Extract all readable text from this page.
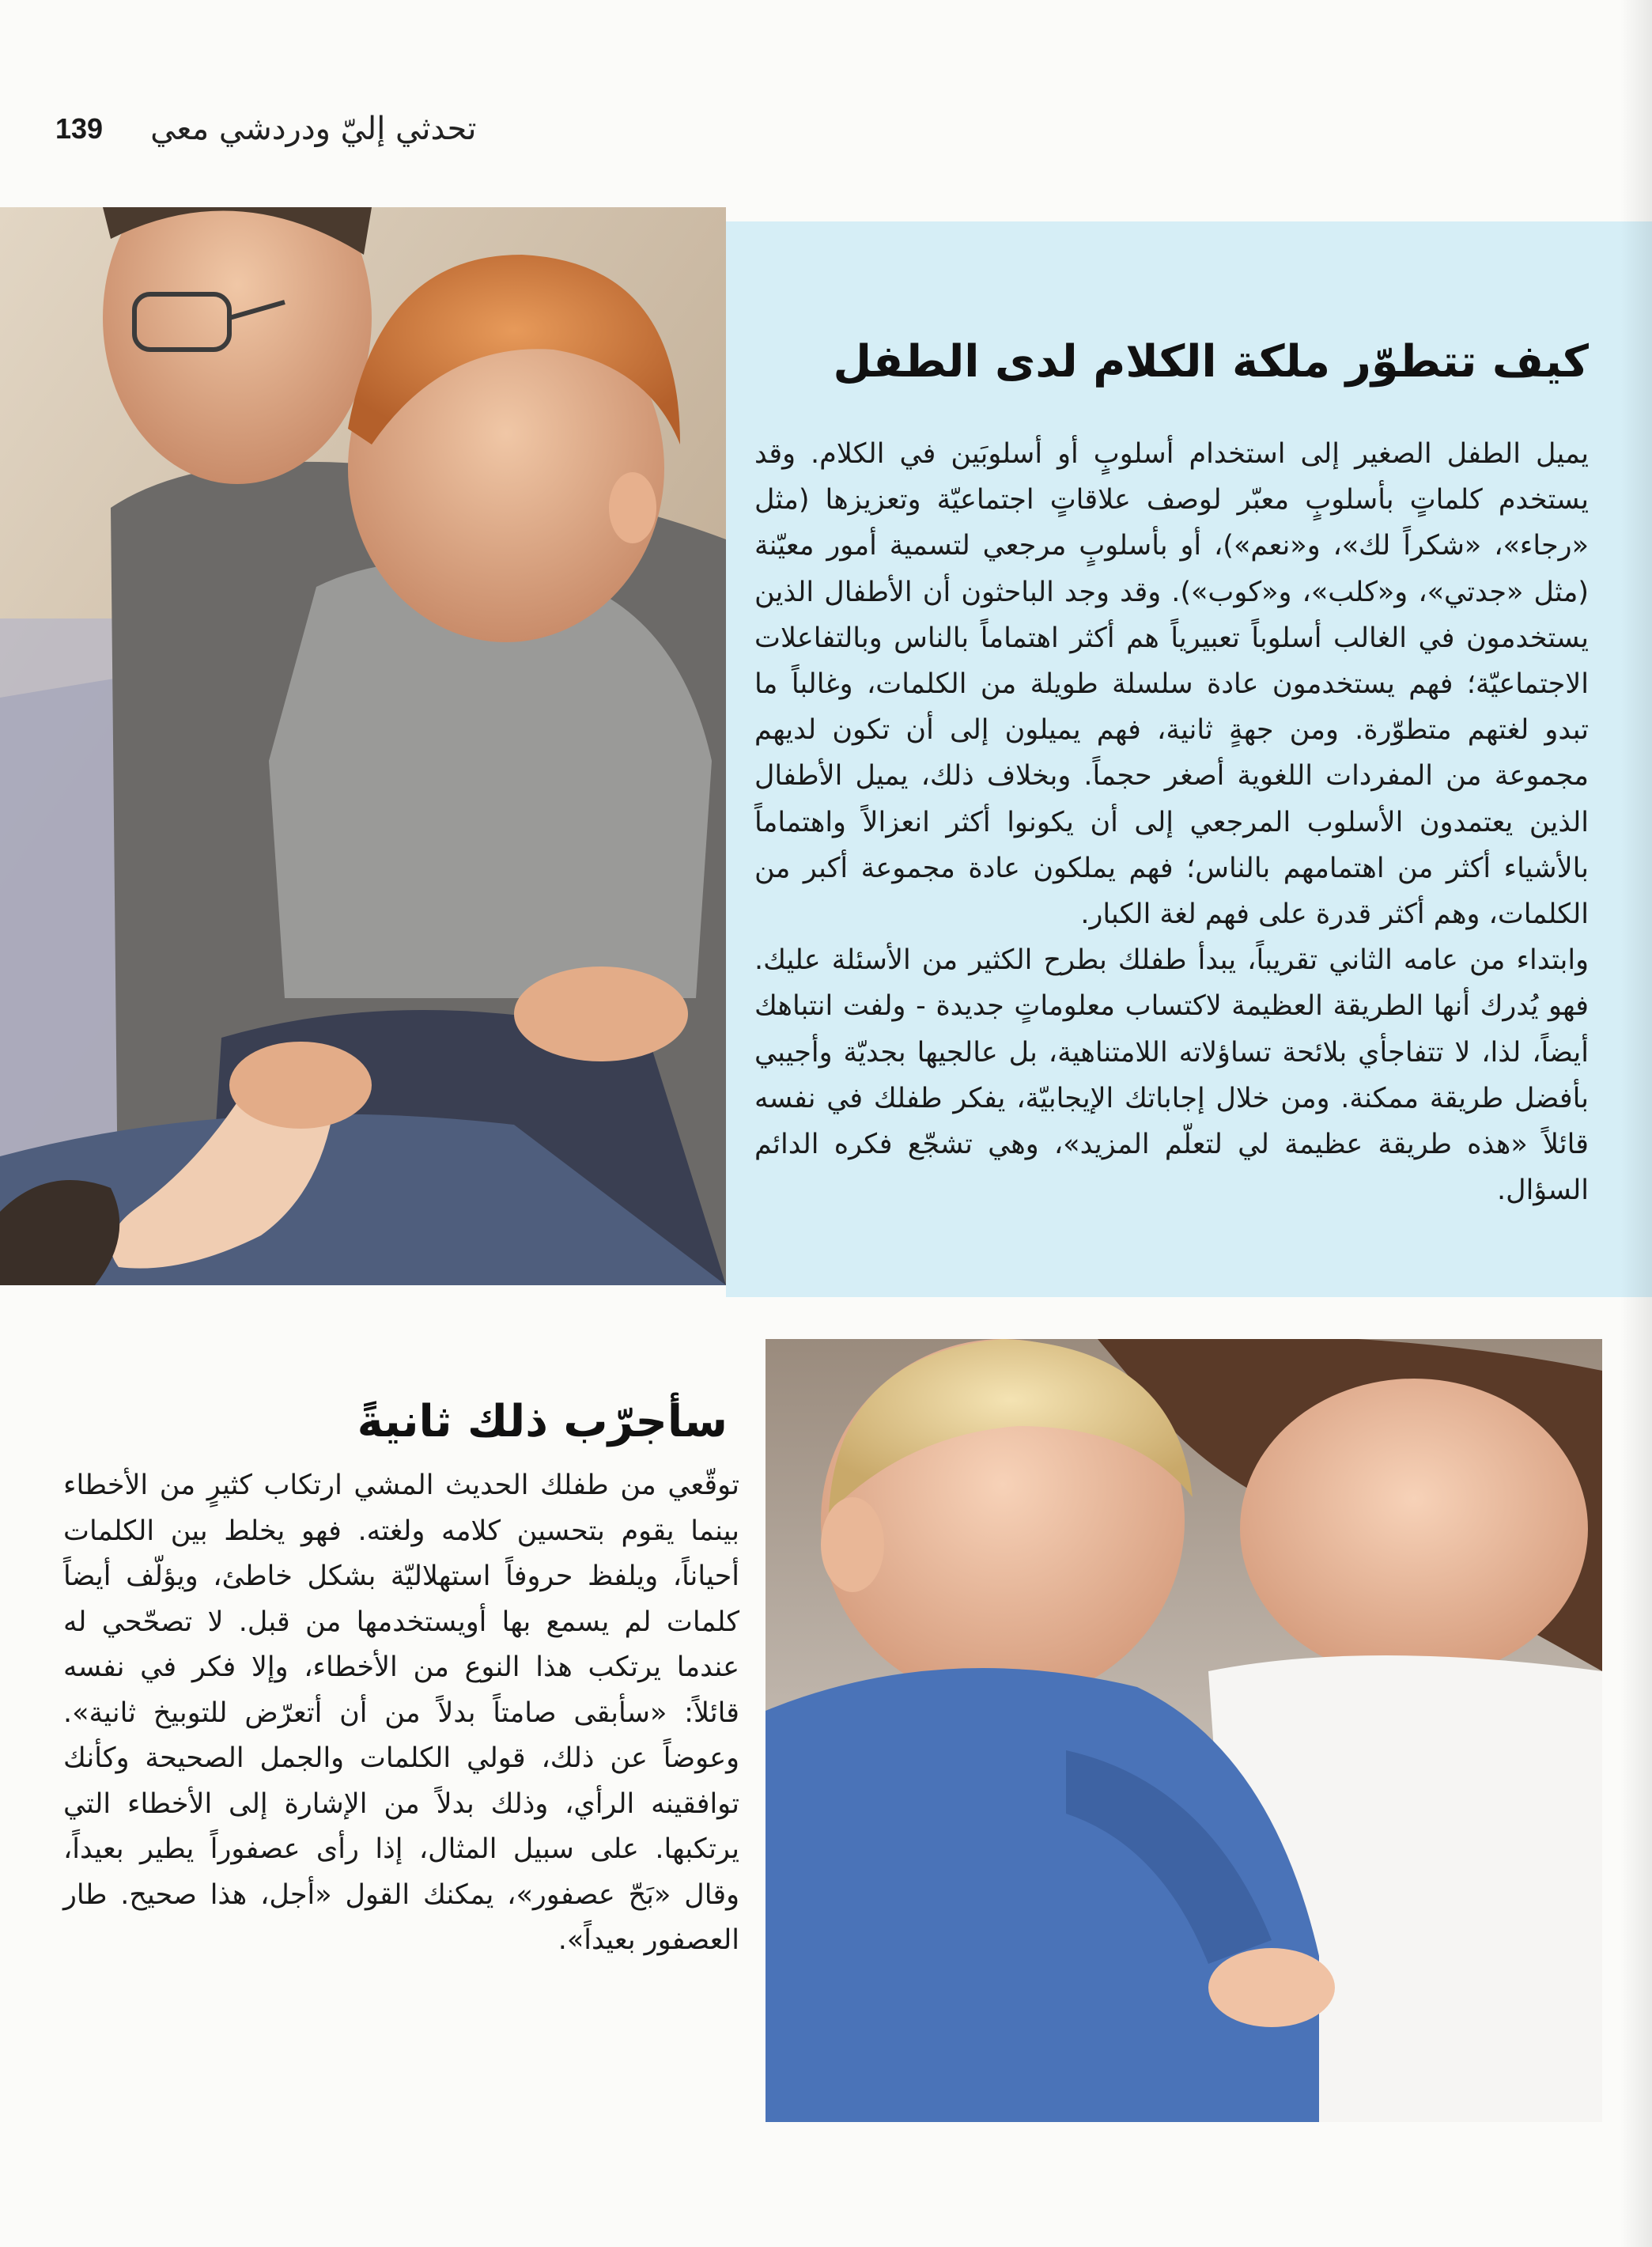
139 تحدثي إليّ ودردشي معي
كيف تتطوّر ملكة الكلام لدى الطفل

يميل الطفل الصغير إلى استخدام أسلوبٍ أو أسلوبَين في الكلام. وقد يستخدم كلماتٍ بأسلوبٍ معبّر لوصف علاقاتٍ اجتماعيّة وتعزيزها (مثل «رجاء»، «شكراً لك»، و«نعم»)، أو بأسلوبٍ مرجعي لتسمية أمور معيّنة (مثل «جدتي»، و«كلب»، و«كوب»). وقد وجد الباحثون أن الأطفال الذين يستخدمون في الغالب أسلوباً تعبيرياً هم أكثر اهتماماً بالناس وبالتفاعلات الاجتماعيّة؛ فهم يستخدمون عادة سلسلة طويلة من الكلمات، وغالباً ما تبدو لغتهم متطوّرة. ومن جهةٍ ثانية، فهم يميلون إلى أن تكون لديهم مجموعة من المفردات اللغوية أصغر حجماً. وبخلاف ذلك، يميل الأطفال الذين يعتمدون الأسلوب المرجعي إلى أن يكونوا أكثر انعزالاً واهتماماً بالأشياء أكثر من اهتمامهم بالناس؛ فهم يملكون عادة مجموعة أكبر من الكلمات، وهم أكثر قدرة على فهم لغة الكبار.

وابتداء من عامه الثاني تقريباً، يبدأ طفلك بطرح الكثير من الأسئلة عليك. فهو يُدرك أنها الطريقة العظيمة لاكتساب معلوماتٍ جديدة - ولفت انتباهك أيضاً، لذا، لا تتفاجأي بلائحة تساؤلاته اللامتناهية، بل عالجيها بجديّة وأجيبي بأفضل طريقة ممكنة. ومن خلال إجاباتك الإيجابيّة، يفكر طفلك في نفسه قائلاً «هذه طريقة عظيمة لي لتعلّم المزيد»، وهي تشجّع فكره الدائم السؤال.

سأجرّب ذلك ثانيةً

توقّعي من طفلك الحديث المشي ارتكاب كثيرٍ من الأخطاء بينما يقوم بتحسين كلامه ولغته. فهو يخلط بين الكلمات أحياناً، ويلفظ حروفاً استهلاليّة بشكل خاطئ، ويؤلّف أيضاً كلمات لم يسمع بها أويستخدمها من قبل. لا تصحّحي له عندما يرتكب هذا النوع من الأخطاء، وإلا فكر في نفسه قائلاً: «سأبقى صامتاً بدلاً من أن أتعرّض للتوبيخ ثانية». وعوضاً عن ذلك، قولي الكلمات والجمل الصحيحة وكأنك توافقينه الرأي، وذلك بدلاً من الإشارة إلى الأخطاء التي يرتكبها. على سبيل المثال، إذا رأى عصفوراً يطير بعيداً، وقال «بَحّ عصفور»، يمكنك القول «أجل، هذا صحيح. طار العصفور بعيداً».
